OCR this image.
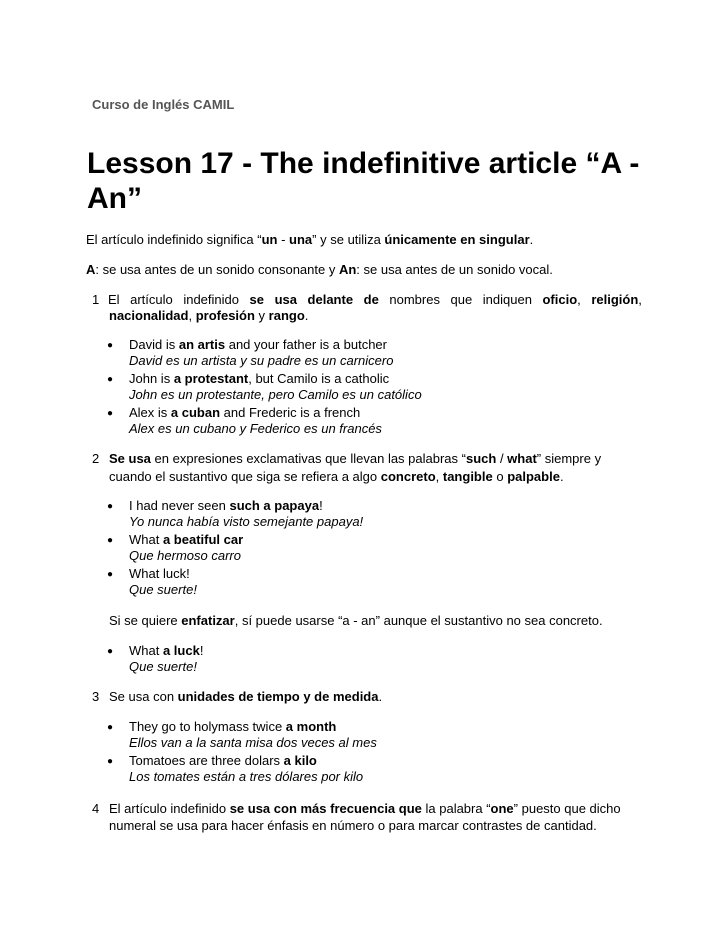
Curso de Inglés CAMIL
Lesson 17 - The indefinitive article “A -
An”
El artículo indefinido significa “un - una” y se utiliza únicamente en singular.
A: se usa antes de un sonido consonante y An: se usa antes de un sonido vocal.
1 El artículo indefinido se usa delante de nombres que indiquen oficio, religión,
nacionalidad, profesión y rango.
● David is an artis and your father is a butcher
David es un artista y su padre es un carnicero
● John is a protestant, but Camilo is a catholic
John es un protestante, pero Camilo es un católico
● Alex is a cuban and Frederic is a french
Alex es un cubano y Federico es un francés
2 Se usa en expresiones exclamativas que llevan las palabras “such / what” siempre y
cuando el sustantivo que siga se refiera a algo concreto, tangible o palpable.
● I had never seen such a papaya!
Yo nunca había visto semejante papaya!
● What a beatiful car
Que hermoso carro
● What luck!
Que suerte!
Si se quiere enfatizar, sí puede usarse “a - an” aunque el sustantivo no sea concreto.
● What a luck!
Que suerte!
3 Se usa con unidades de tiempo y de medida.
● They go to holymass twice a month
Ellos van a la santa misa dos veces al mes
● Tomatoes are three dolars a kilo
Los tomates están a tres dólares por kilo
4 El artículo indefinido se usa con más frecuencia que la palabra “one” puesto que dicho
numeral se usa para hacer énfasis en número o para marcar contrastes de cantidad.
